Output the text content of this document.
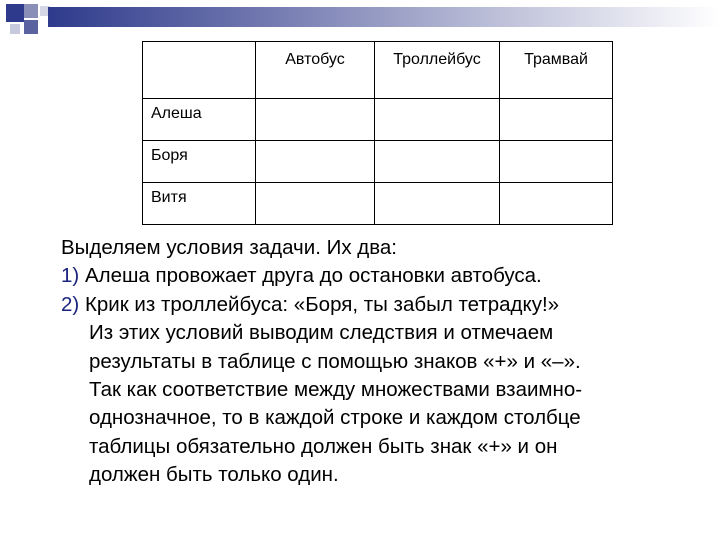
	Автобус	Троллейбус	Трамвай
Алеша			
Боря			
Витя			
Выделяем условия задачи. Их два:
1) Алеша провожает друга до остановки автобуса.
2) Крик из троллейбуса: «Боря, ты забыл тетрадку!»
Из этих условий выводим следствия и отмечаем
результаты в таблице с помощью знаков «+» и «–».
Так как соответствие между множествами взаимно-
однозначное, то в каждой строке и каждом столбце
таблицы обязательно должен быть знак «+» и он
должен быть только один.
